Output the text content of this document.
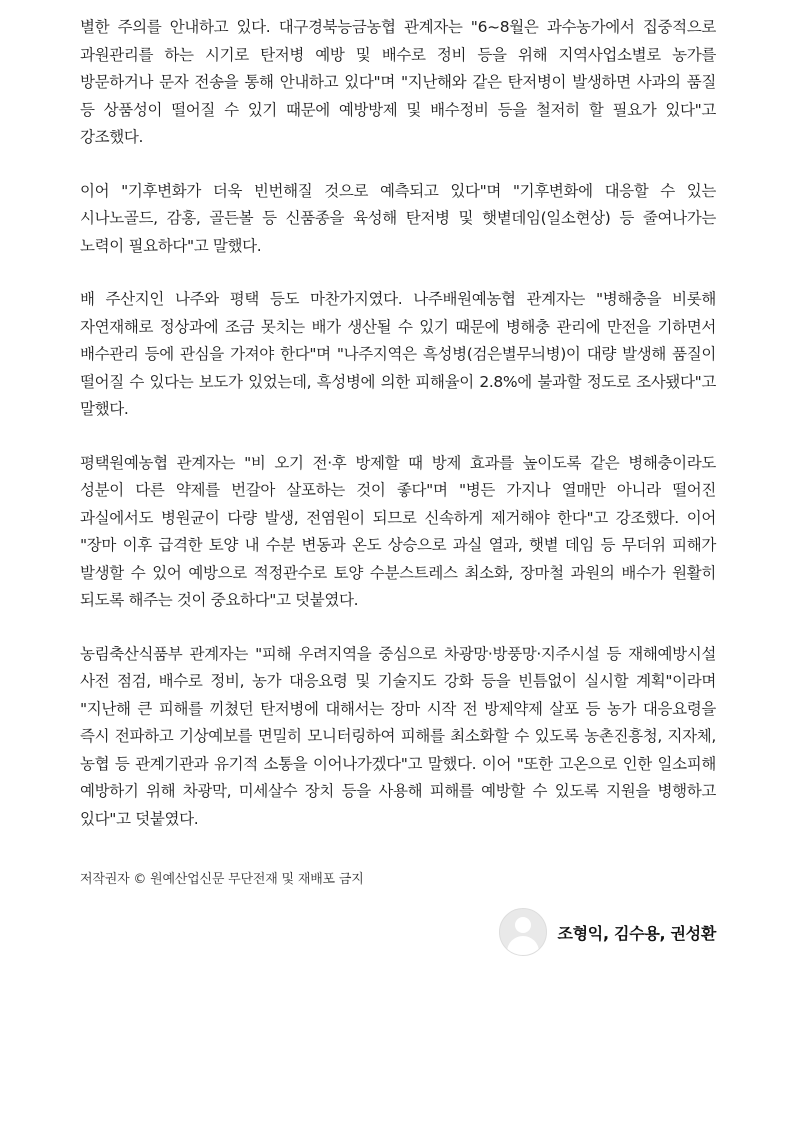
별한 주의를 안내하고 있다. 대구경북능금농협 관계자는 "6~8월은 과수농가에서 집중적으로 과원관리를 하는 시기로 탄저병 예방 및 배수로 정비 등을 위해 지역사업소별로 농가를 방문하거나 문자 전송을 통해 안내하고 있다"며 "지난해와 같은 탄저병이 발생하면 사과의 품질 등 상품성이 떨어질 수 있기 때문에 예방방제 및 배수정비 등을 철저히 할 필요가 있다"고 강조했다.

이어 "기후변화가 더욱 빈번해질 것으로 예측되고 있다"며 "기후변화에 대응할 수 있는 시나노골드, 감홍, 골든볼 등 신품종을 육성해 탄저병 및 햇볕데임(일소현상) 등 줄여나가는 노력이 필요하다"고 말했다.

배 주산지인 나주와 평택 등도 마찬가지였다. 나주배원예농협 관계자는 "병해충을 비롯해 자연재해로 정상과에 조금 못치는 배가 생산될 수 있기 때문에 병해충 관리에 만전을 기하면서 배수관리 등에 관심을 가져야 한다"며 "나주지역은 흑성병(검은별무늬병)이 대량 발생해 품질이 떨어질 수 있다는 보도가 있었는데, 흑성병에 의한 피해율이 2.8%에 불과할 정도로 조사됐다"고 말했다.

평택원예농협 관계자는 "비 오기 전·후 방제할 때 방제 효과를 높이도록 같은 병해충이라도 성분이 다른 약제를 번갈아 살포하는 것이 좋다"며 "병든 가지나 열매만 아니라 떨어진 과실에서도 병원균이 다량 발생, 전염원이 되므로 신속하게 제거해야 한다"고 강조했다. 이어 "장마 이후 급격한 토양 내 수분 변동과 온도 상승으로 과실 열과, 햇볕 데임 등 무더위 피해가 발생할 수 있어 예방으로 적정관수로 토양 수분스트레스 최소화, 장마철 과원의 배수가 원활히 되도록 해주는 것이 중요하다"고 덧붙였다.

농림축산식품부 관계자는 "피해 우려지역을 중심으로 차광망·방풍망·지주시설 등 재해예방시설 사전 점검, 배수로 정비, 농가 대응요령 및 기술지도 강화 등을 빈틈없이 실시할 계획"이라며 "지난해 큰 피해를 끼쳤던 탄저병에 대해서는 장마 시작 전 방제약제 살포 등 농가 대응요령을 즉시 전파하고 기상예보를 면밀히 모니터링하여 피해를 최소화할 수 있도록 농촌진흥청, 지자체, 농협 등 관계기관과 유기적 소통을 이어나가겠다"고 말했다. 이어 "또한 고온으로 인한 일소피해 예방하기 위해 차광막, 미세살수 장치 등을 사용해 피해를 예방할 수 있도록 지원을 병행하고 있다"고 덧붙였다.

저작권자 © 원예산업신문 무단전재 및 재배포 금지
조형익, 김수용, 권성환
